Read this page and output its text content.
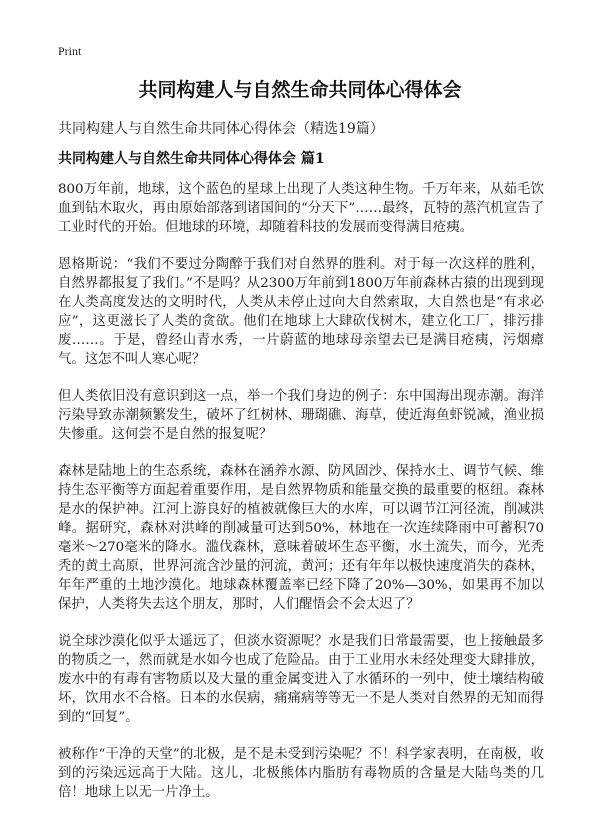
Print
共同构建人与自然生命共同体心得体会
共同构建人与自然生命共同体心得体会（精选19篇）
共同构建人与自然生命共同体心得体会 篇1

800万年前，地球，这个蓝色的星球上出现了人类这种生物。千万年来，从茹毛饮血到钻木取火，再由原始部落到诸国间的“分天下”……最终，瓦特的蒸汽机宣告了工业时代的开始。但地球的环境，却随着科技的发展而变得满目疮痍。

恩格斯说：“我们不要过分陶醉于我们对自然界的胜利。对于每一次这样的胜利，自然界都报复了我们。”不是吗？从2300万年前到1800万年前森林古猿的出现到现在人类高度发达的文明时代，人类从未停止过向大自然索取，大自然也是“有求必应”，这更滋长了人类的贪欲。他们在地球上大肆砍伐树木，建立化工厂，排污排废……。于是，曾经山青水秀，一片蔚蓝的地球母亲望去已是满目疮痍，污烟瘴气。这怎不叫人寒心呢？

但人类依旧没有意识到这一点，举一个我们身边的例子：东中国海出现赤潮。海洋污染导致赤潮频繁发生，破坏了红树林、珊瑚礁、海草，使近海鱼虾锐减，渔业损失惨重。这何尝不是自然的报复呢？

森林是陆地上的生态系统，森林在涵养水源、防风固沙、保持水土、调节气候、维持生态平衡等方面起着重要作用，是自然界物质和能量交换的最重要的枢纽。森林是水的保护神。江河上游良好的植被就像巨大的水库，可以调节江河径流，削减洪峰。据研究，森林对洪峰的削减量可达到50%，林地在一次连续降雨中可蓄积70毫米～270毫米的降水。滥伐森林，意味着破坏生态平衡，水土流失，而今，光秃秃的黄土高原，世界河流含沙量的河流，黄河；还有年年以极快速度消失的森林，年年严重的土地沙漠化。地球森林覆盖率已经下降了20%—30%，如果再不加以保护，人类将失去这个朋友，那时，人们醒悟会不会太迟了？

说全球沙漠化似乎太遥远了，但淡水资源呢？水是我们日常最需要，也上接触最多的物质之一，然而就是水如今也成了危险品。由于工业用水未经处理变大肆排放，废水中的有毒有害物质以及大量的重金属变进入了水循环的一列中，使土壤结构破坏，饮用水不合格。日本的水俣病，痛痛病等等无一不是人类对自然界的无知而得到的“回复”。

被称作“干净的天堂”的北极，是不是未受到污染呢？不！科学家表明，在南极，收到的污染远远高于大陆。这儿，北极熊体内脂肪有毒物质的含量是大陆鸟类的几倍！地球上以无一片净土。
